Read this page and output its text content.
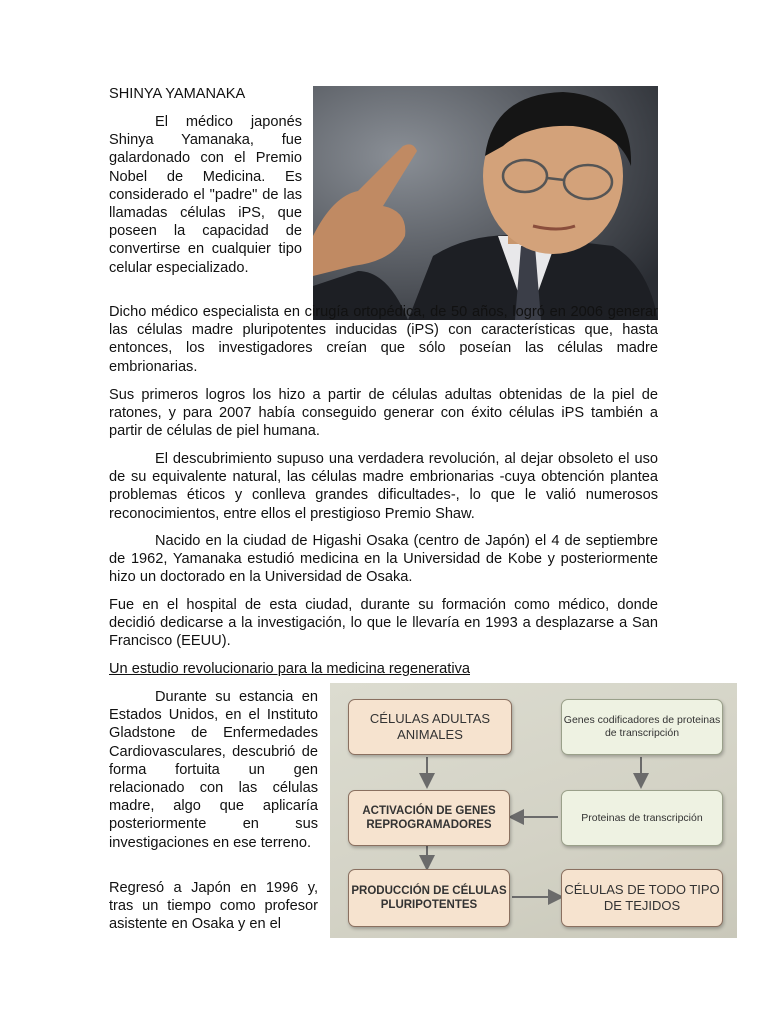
SHINYA YAMANAKA

El médico japonés Shinya Yamanaka, fue galardonado con el Premio Nobel de Medicina. Es considerado el "padre" de las llamadas células iPS, que poseen la capacidad de convertirse en cualquier tipo celular especializado.

Dicho médico especialista en cirugía ortopédica, de 50 años, logró en 2006 generar las células madre pluripotentes inducidas (iPS) con características que, hasta entonces, los investigadores creían que sólo poseían las células madre embrionarias.

Sus primeros logros los hizo a partir de células adultas obtenidas de la piel de ratones, y para 2007 había conseguido generar con éxito células iPS también a partir de células de piel humana.

El descubrimiento supuso una verdadera revolución, al dejar obsoleto el uso de su equivalente natural, las células madre embrionarias -cuya obtención plantea problemas éticos y conlleva grandes dificultades-, lo que le valió numerosos reconocimientos, entre ellos el prestigioso Premio Shaw.

Nacido en la ciudad de Higashi Osaka (centro de Japón) el 4 de septiembre de 1962, Yamanaka estudió medicina en la Universidad de Kobe y posteriormente hizo un doctorado en la Universidad de Osaka.

Fue en el hospital de esta ciudad, durante su formación como médico, donde decidió dedicarse a la investigación, lo que le llevaría en 1993 a desplazarse a San Francisco (EEUU).

Un estudio revolucionario para la medicina regenerativa

Durante su estancia en Estados Unidos, en el Instituto Gladstone de Enfermedades Cardiovasculares, descubrió de forma fortuita un gen relacionado con las células madre, algo que aplicaría posteriormente en sus investigaciones en ese terreno.

Regresó a Japón en 1996 y, tras un tiempo como profesor asistente en Osaka y en el

CÉLULAS ADULTAS ANIMALES
Genes codificadores de proteinas de transcripción
ACTIVACIÓN DE GENES REPROGRAMADORES
Proteinas de transcripción
PRODUCCIÓN DE CÉLULAS PLURIPOTENTES
CÉLULAS DE TODO TIPO DE TEJIDOS
